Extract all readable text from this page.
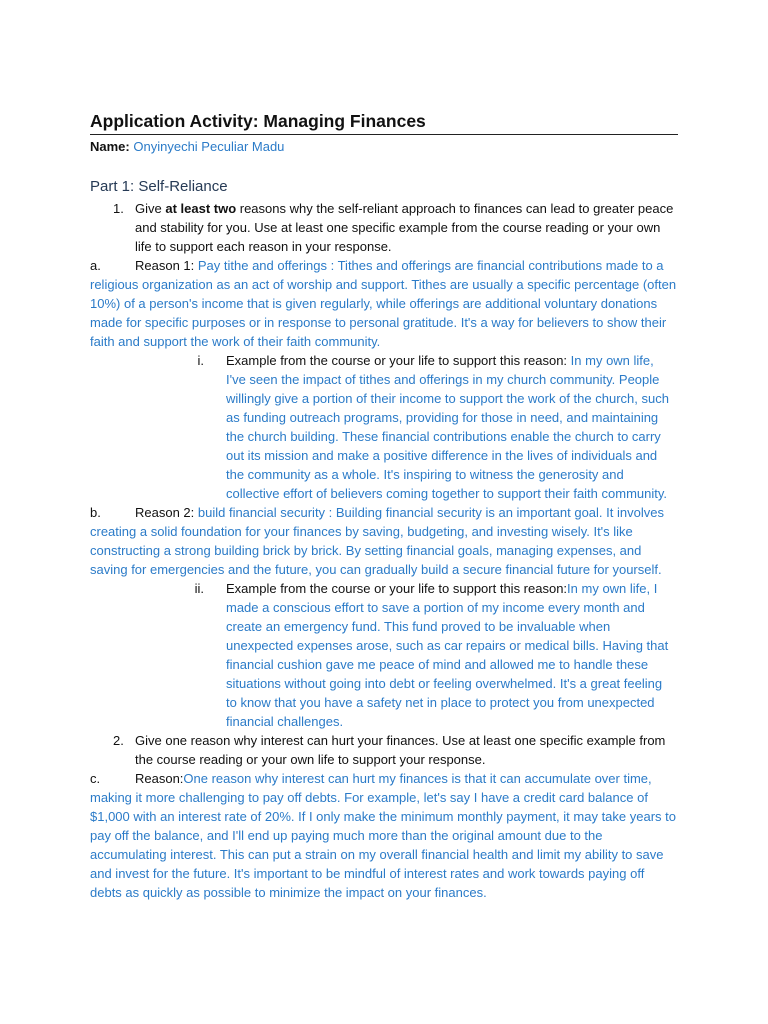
Application Activity: Managing Finances
Name: Onyinyechi Peculiar Madu
Part 1: Self-Reliance
1. Give at least two reasons why the self-reliant approach to finances can lead to greater peace and stability for you. Use at least one specific example from the course reading or your own life to support each reason in your response.
a.	Reason 1: Pay tithe and offerings : Tithes and offerings are financial contributions made to a religious organization as an act of worship and support. Tithes are usually a specific percentage (often 10%) of a person's income that is given regularly, while offerings are additional voluntary donations made for specific purposes or in response to personal gratitude. It's a way for believers to show their faith and support the work of their faith community.
i.	Example from the course or your life to support this reason: In my own life, I've seen the impact of tithes and offerings in my church community. People willingly give a portion of their income to support the work of the church, such as funding outreach programs, providing for those in need, and maintaining the church building. These financial contributions enable the church to carry out its mission and make a positive difference in the lives of individuals and the community as a whole. It's inspiring to witness the generosity and collective effort of believers coming together to support their faith community.
b.	Reason 2: build financial security : Building financial security is an important goal. It involves creating a solid foundation for your finances by saving, budgeting, and investing wisely. It's like constructing a strong building brick by brick. By setting financial goals, managing expenses, and saving for emergencies and the future, you can gradually build a secure financial future for yourself.
ii.	Example from the course or your life to support this reason:In my own life, I made a conscious effort to save a portion of my income every month and create an emergency fund. This fund proved to be invaluable when unexpected expenses arose, such as car repairs or medical bills. Having that financial cushion gave me peace of mind and allowed me to handle these situations without going into debt or feeling overwhelmed. It's a great feeling to know that you have a safety net in place to protect you from unexpected financial challenges.
2. Give one reason why interest can hurt your finances. Use at least one specific example from the course reading or your own life to support your response.
c.	Reason:One reason why interest can hurt my finances is that it can accumulate over time, making it more challenging to pay off debts. For example, let's say I have a credit card balance of $1,000 with an interest rate of 20%. If I only make the minimum monthly payment, it may take years to pay off the balance, and I'll end up paying much more than the original amount due to the accumulating interest. This can put a strain on my overall financial health and limit my ability to save and invest for the future. It's important to be mindful of interest rates and work towards paying off debts as quickly as possible to minimize the impact on your finances.
